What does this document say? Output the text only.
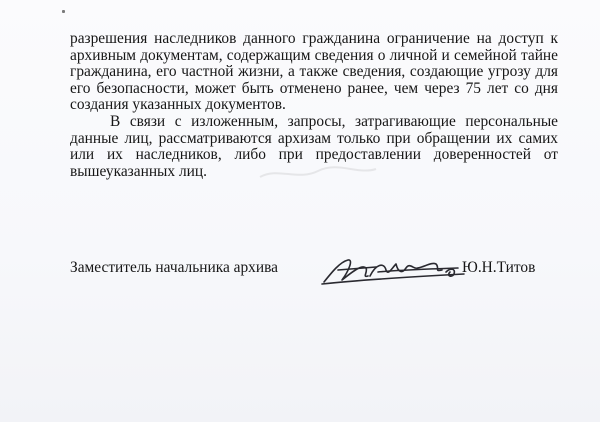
разрешения наследников данного гражданина ограничение на доступ к
архивным документам, содержащим сведения о личной и семейной тайне
гражданина, его частной жизни, а также сведения, создающие угрозу для
его безопасности, может быть отменено ранее, чем через 75 лет со дня
создания указанных документов.

В связи с изложенным, запросы, затрагивающие персональные
данные лиц, рассматриваются архизам только при обращении их самих
или их наследников, либо при предоставлении доверенностей от
вышеуказанных лиц.

Заместитель начальника архива	Ю.Н.Титов
